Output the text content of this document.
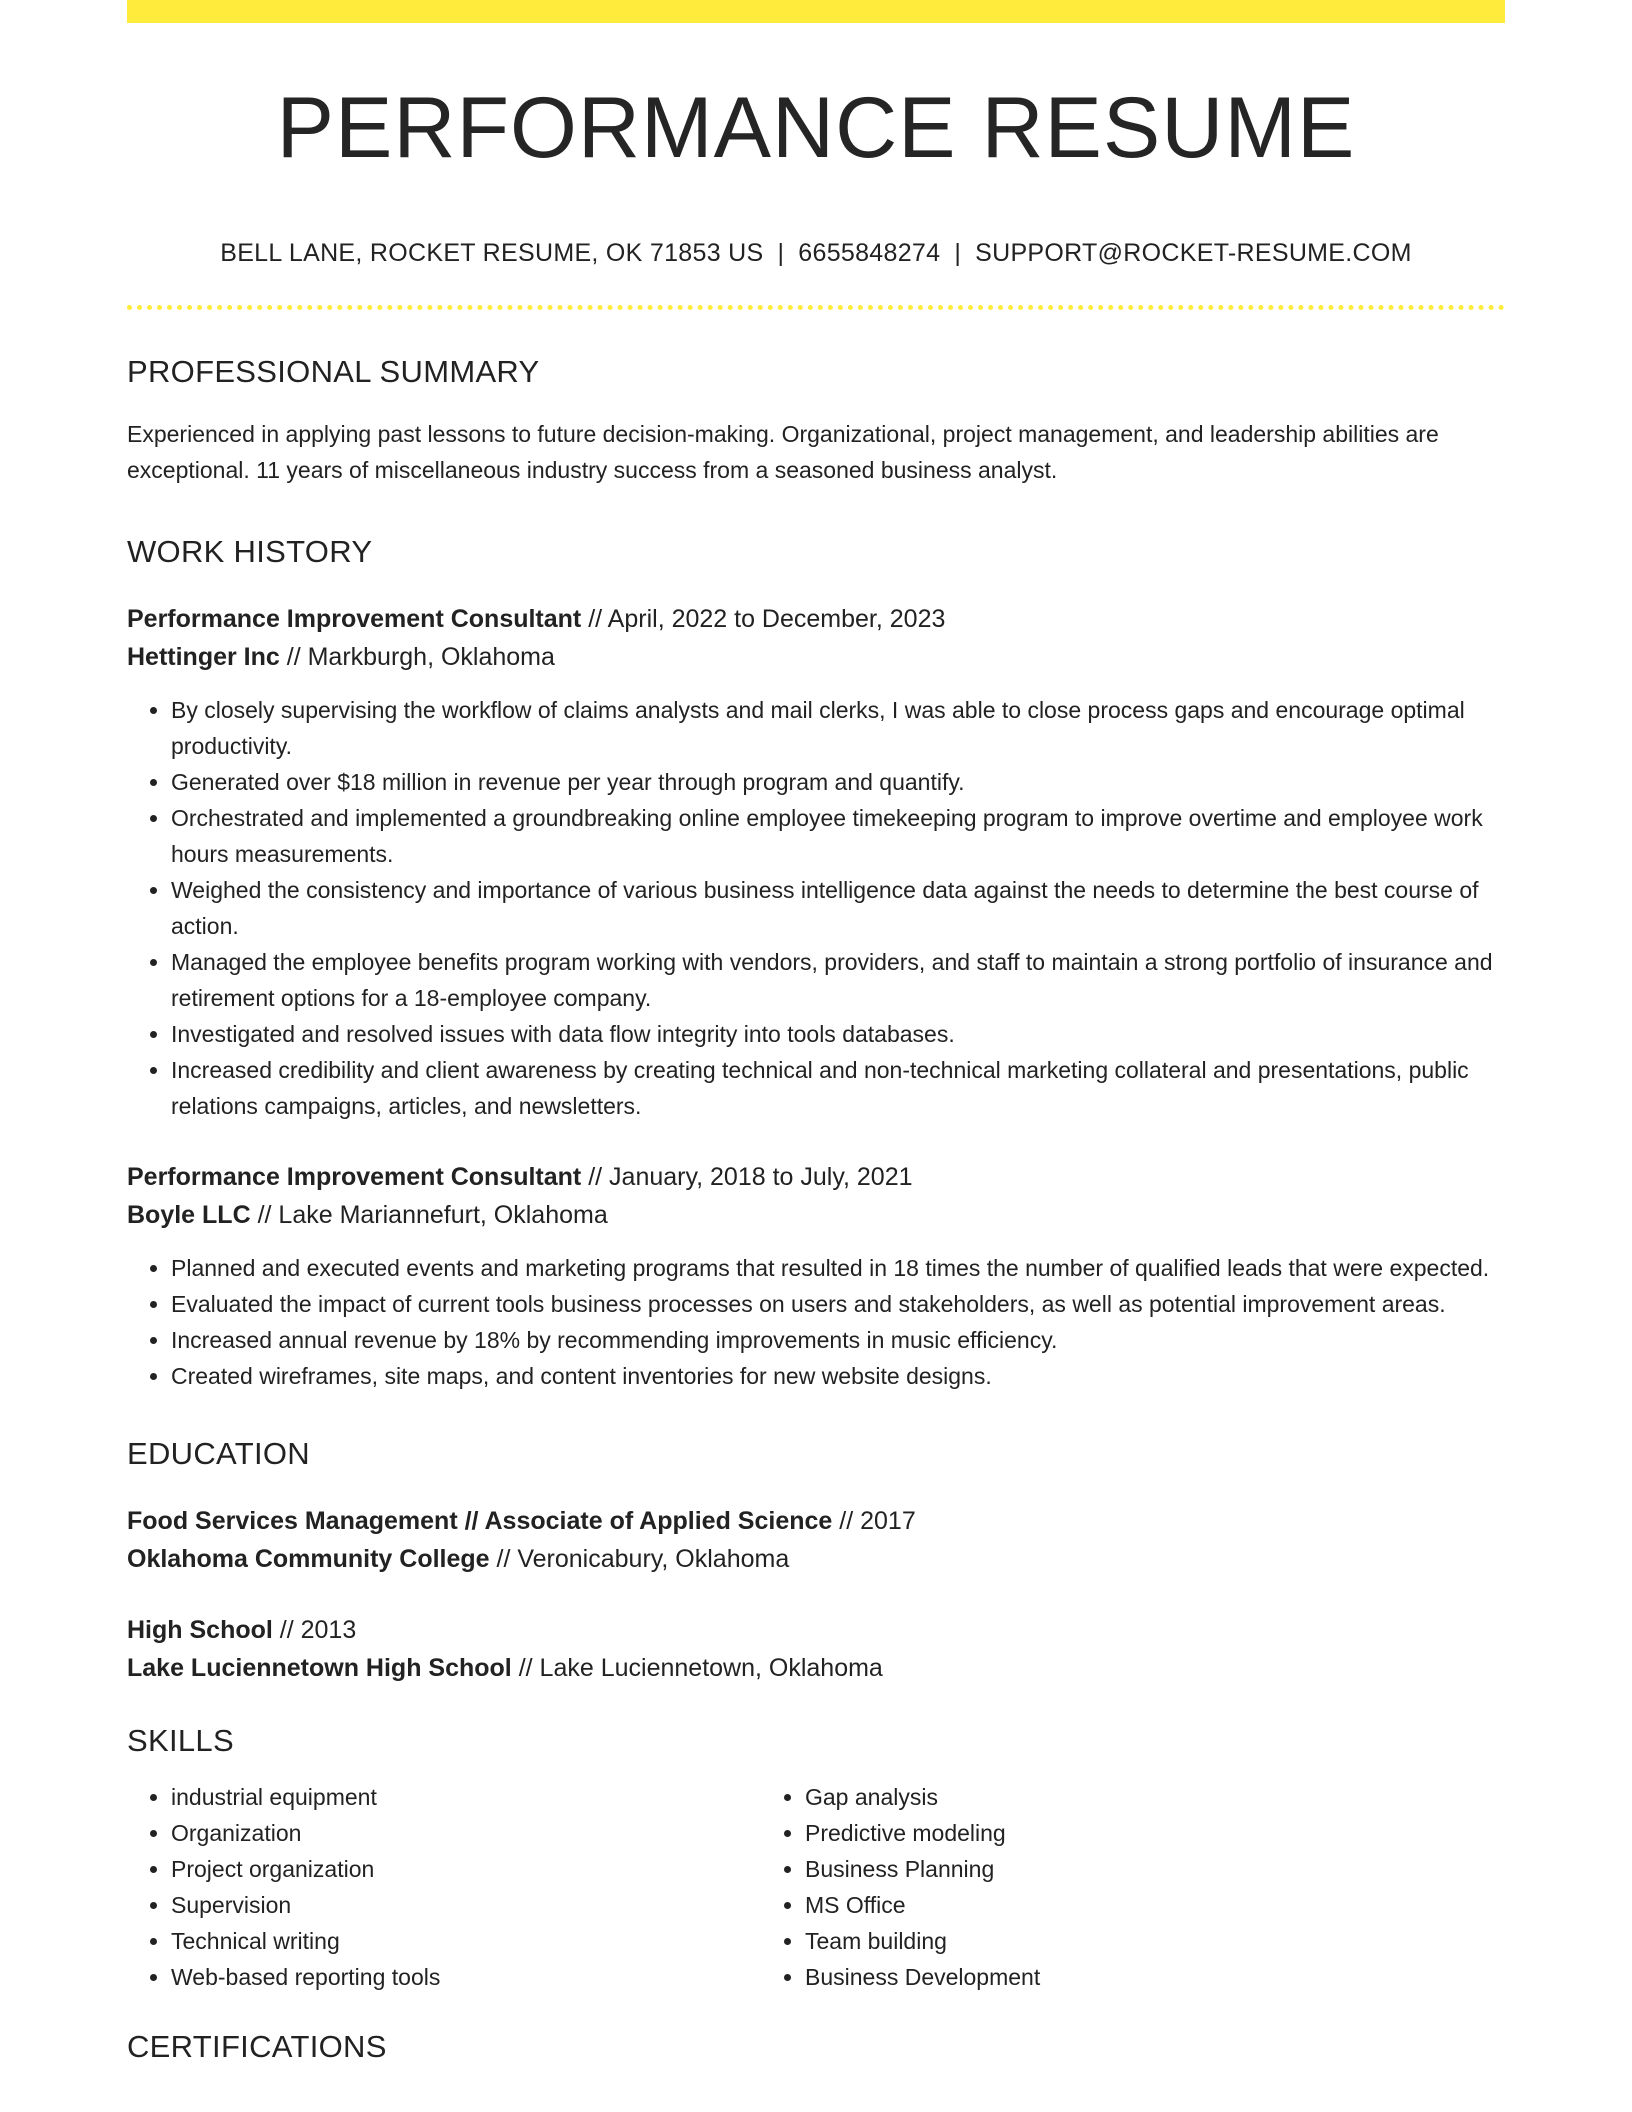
PERFORMANCE RESUME
BELL LANE, ROCKET RESUME, OK 71853 US | 6655848274 | SUPPORT@ROCKET-RESUME.COM
PROFESSIONAL SUMMARY
Experienced in applying past lessons to future decision-making. Organizational, project management, and leadership abilities are exceptional. 11 years of miscellaneous industry success from a seasoned business analyst.
WORK HISTORY
Performance Improvement Consultant // April, 2022 to December, 2023
Hettinger Inc // Markburgh, Oklahoma
• By closely supervising the workflow of claims analysts and mail clerks, I was able to close process gaps and encourage optimal productivity.
• Generated over $18 million in revenue per year through program and quantify.
• Orchestrated and implemented a groundbreaking online employee timekeeping program to improve overtime and employee work hours measurements.
• Weighed the consistency and importance of various business intelligence data against the needs to determine the best course of action.
• Managed the employee benefits program working with vendors, providers, and staff to maintain a strong portfolio of insurance and retirement options for a 18-employee company.
• Investigated and resolved issues with data flow integrity into tools databases.
• Increased credibility and client awareness by creating technical and non-technical marketing collateral and presentations, public relations campaigns, articles, and newsletters.
Performance Improvement Consultant // January, 2018 to July, 2021
Boyle LLC // Lake Mariannefurt, Oklahoma
• Planned and executed events and marketing programs that resulted in 18 times the number of qualified leads that were expected.
• Evaluated the impact of current tools business processes on users and stakeholders, as well as potential improvement areas.
• Increased annual revenue by 18% by recommending improvements in music efficiency.
• Created wireframes, site maps, and content inventories for new website designs.
EDUCATION
Food Services Management // Associate of Applied Science // 2017
Oklahoma Community College // Veronicabury, Oklahoma
High School // 2013
Lake Luciennetown High School // Lake Luciennetown, Oklahoma
SKILLS
• industrial equipment
• Organization
• Project organization
• Supervision
• Technical writing
• Web-based reporting tools
• Gap analysis
• Predictive modeling
• Business Planning
• MS Office
• Team building
• Business Development
CERTIFICATIONS
